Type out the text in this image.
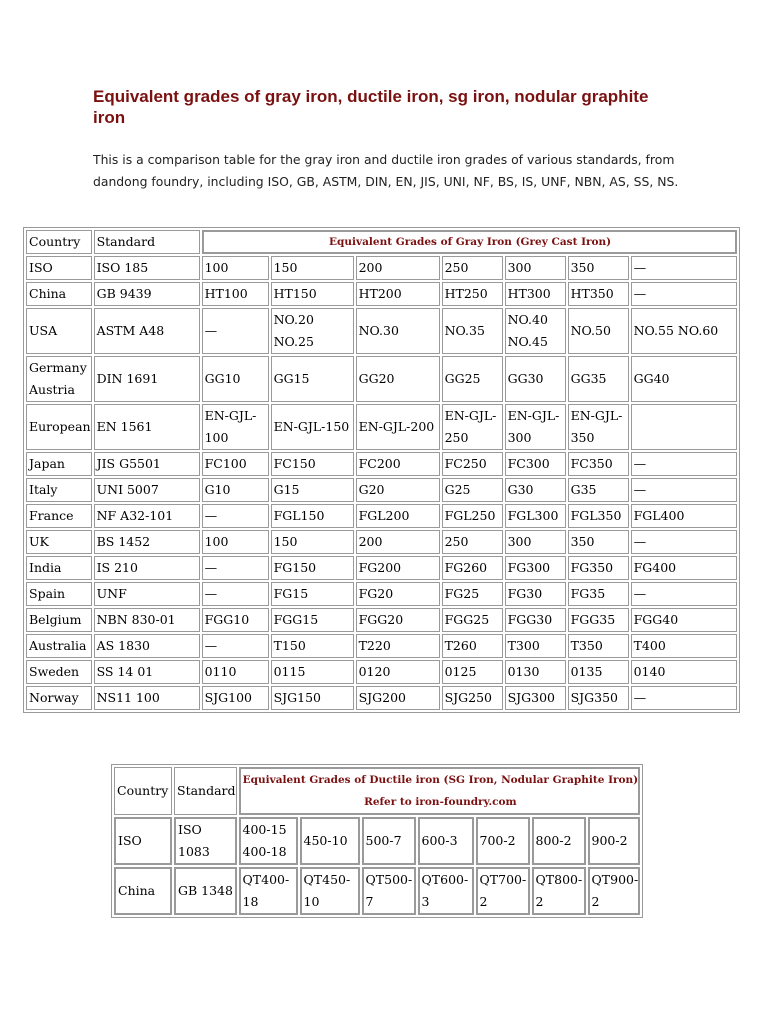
Equivalent grades of gray iron, ductile iron, sg iron, nodular graphite iron

This is a comparison table for the gray iron and ductile iron grades of various standards, from dandong foundry, including ISO, GB, ASTM, DIN, EN, JIS, UNI, NF, BS, IS, UNF, NBN, AS, SS, NS.

Country	Standard	Equivalent Grades of Gray Iron (Grey Cast Iron)						
ISO	ISO 185	100	150	200	250	300	350	—
China	GB 9439	HT100	HT150	HT200	HT250	HT300	HT350	—
USA	ASTM A48	—	NO.20 NO.25	NO.30	NO.35	NO.40 NO.45	NO.50	NO.55 NO.60
Germany Austria	DIN 1691	GG10	GG15	GG20	GG25	GG30	GG35	GG40
European	EN 1561	EN-GJL-100	EN-GJL-150	EN-GJL-200	EN-GJL-250	EN-GJL-300	EN-GJL-350	
Japan	JIS G5501	FC100	FC150	FC200	FC250	FC300	FC350	—
Italy	UNI 5007	G10	G15	G20	G25	G30	G35	—
France	NF A32-101	—	FGL150	FGL200	FGL250	FGL300	FGL350	FGL400
UK	BS 1452	100	150	200	250	300	350	—
India	IS 210	—	FG150	FG200	FG260	FG300	FG350	FG400
Spain	UNF	—	FG15	FG20	FG25	FG30	FG35	—
Belgium	NBN 830-01	FGG10	FGG15	FGG20	FGG25	FGG30	FGG35	FGG40
Australia	AS 1830	—	T150	T220	T260	T300	T350	T400
Sweden	SS 14 01	0110	0115	0120	0125	0130	0135	0140
Norway	NS11 100	SJG100	SJG150	SJG200	SJG250	SJG300	SJG350	—
Country	Standard	Equivalent Grades of Ductile iron (SG Iron, Nodular Graphite Iron)
Refer to iron-foundry.com						

ISO	ISO 1083	400-15 400-18	450-10	500-7	600-3	700-2	800-2	900-2
China	GB 1348	QT400-18	QT450-10	QT500-7	QT600-3	QT700-2	QT800-2	QT900-2
